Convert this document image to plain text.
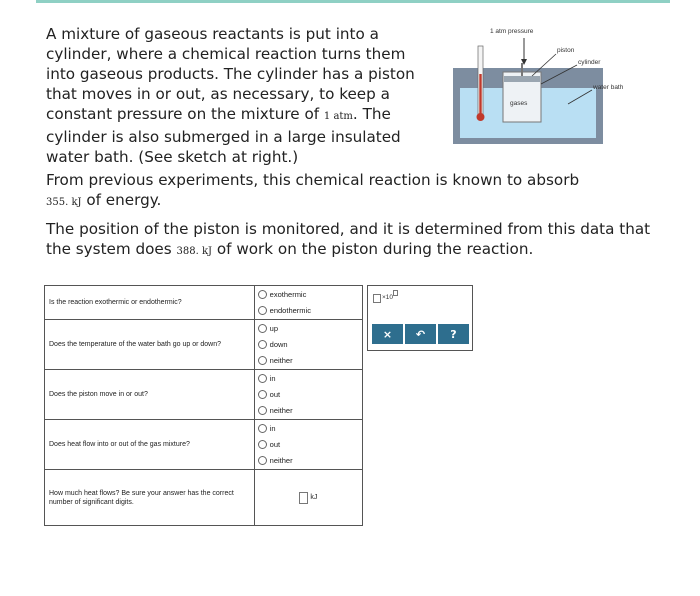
A mixture of gaseous reactants is put into a cylinder, where a chemical reaction turns them into gaseous products. The cylinder has a piston that moves in or out, as necessary, to keep a constant pressure on the mixture of 1 atm. The cylinder is also submerged in a large insulated water bath. (See sketch at right.)

1 atm pressure
gases
piston
cylinder
water bath
From previous experiments, this chemical reaction is known to absorb
355. kJ of energy.
The position of the piston is monitored, and it is determined from this data that the system does 388. kJ of work on the piston during the reaction.
Is the reaction exothermic or endothermic?	exothermic
endothermic

Does the temperature of the water bath go up or down?	up
down
neither

Does the piston move in or out?	in
out
neither

Does heat flow into or out of the gas mixture?	in
out
neither

How much heat flows? Be sure your answer has the correct number of significant digits.	kJ
×10
×	↶	?
